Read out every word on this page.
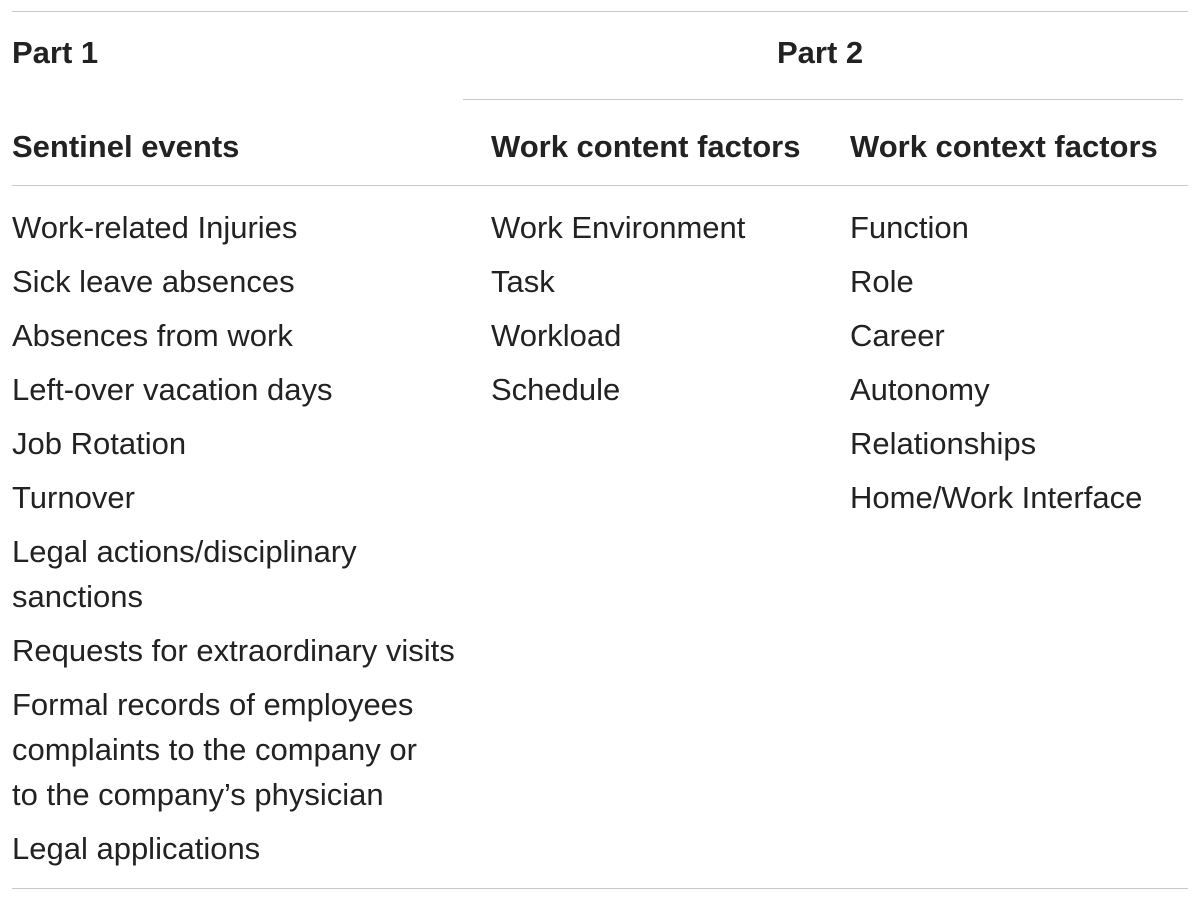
Part 1	Part 2
Sentinel events	Work content factors Work context factors
Work-related Injuries
Sick leave absences
Absences from work
Left-over vacation days
Job Rotation
Turnover
Legal actions/disciplinary
sanctions
Requests for extraordinary visits
Formal records of employees
complaints to the company or
to the company’s physician
Legal applications
Work Environment
Task
Workload
Schedule
Function
Role
Career
Autonomy
Relationships
Home/Work Interface
